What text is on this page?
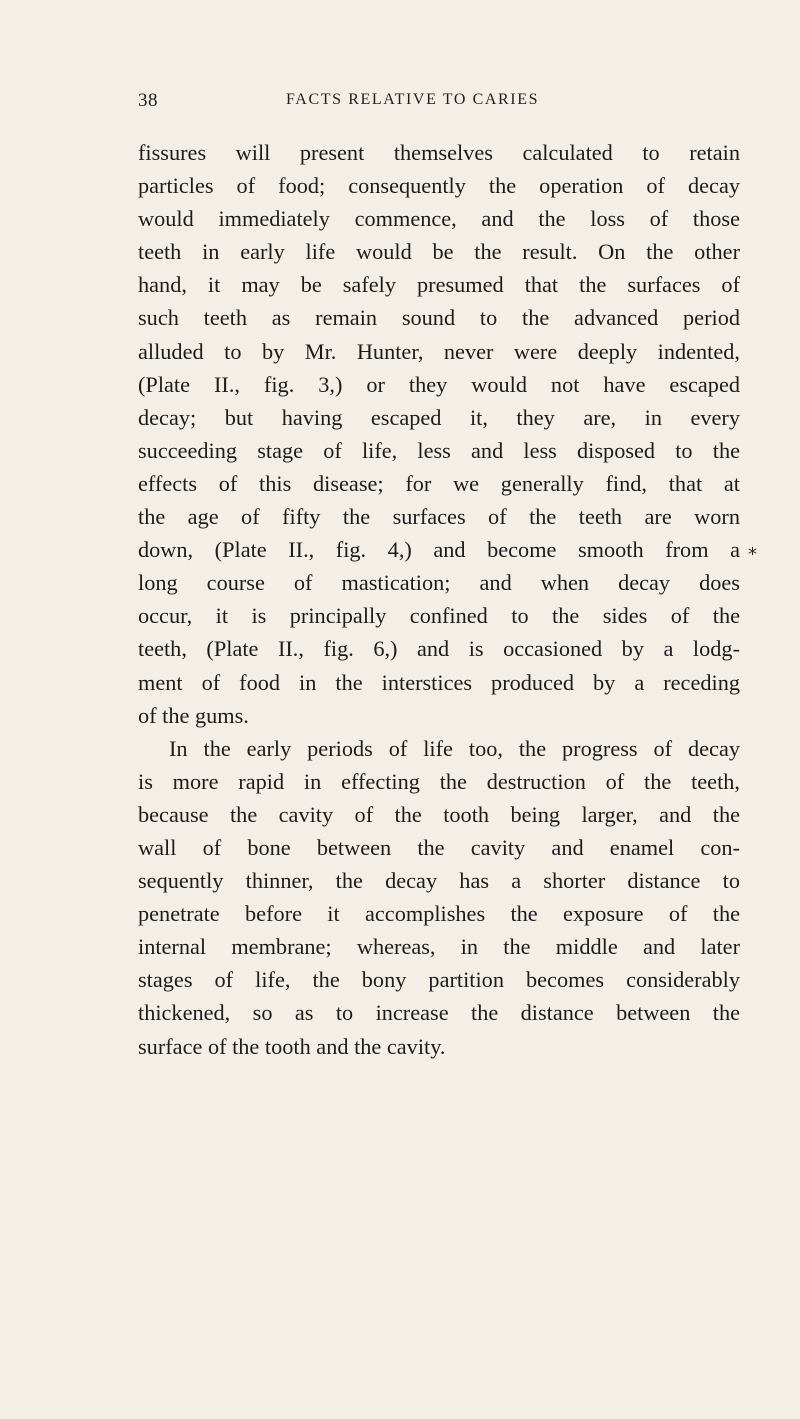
38	FACTS RELATIVE TO CARIES
*
fissures will present themselves calculated to retain
particles of food; consequently the operation of decay
would immediately commence, and the loss of those
teeth in early life would be the result. On the other
hand, it may be safely presumed that the surfaces of
such teeth as remain sound to the advanced period
alluded to by Mr. Hunter, never were deeply indented,
(Plate II., fig. 3,) or they would not have escaped
decay; but having escaped it, they are, in every
succeeding stage of life, less and less disposed to the
effects of this disease; for we generally find, that at
the age of fifty the surfaces of the teeth are worn
down, (Plate II., fig. 4,) and become smooth from a
long course of mastication; and when decay does
occur, it is principally confined to the sides of the
teeth, (Plate II., fig. 6,) and is occasioned by a lodg-
ment of food in the interstices produced by a receding
of the gums.
In the early periods of life too, the progress of decay
is more rapid in effecting the destruction of the teeth,
because the cavity of the tooth being larger, and the
wall of bone between the cavity and enamel con-
sequently thinner, the decay has a shorter distance to
penetrate before it accomplishes the exposure of the
internal membrane; whereas, in the middle and later
stages of life, the bony partition becomes considerably
thickened, so as to increase the distance between the
surface of the tooth and the cavity.
